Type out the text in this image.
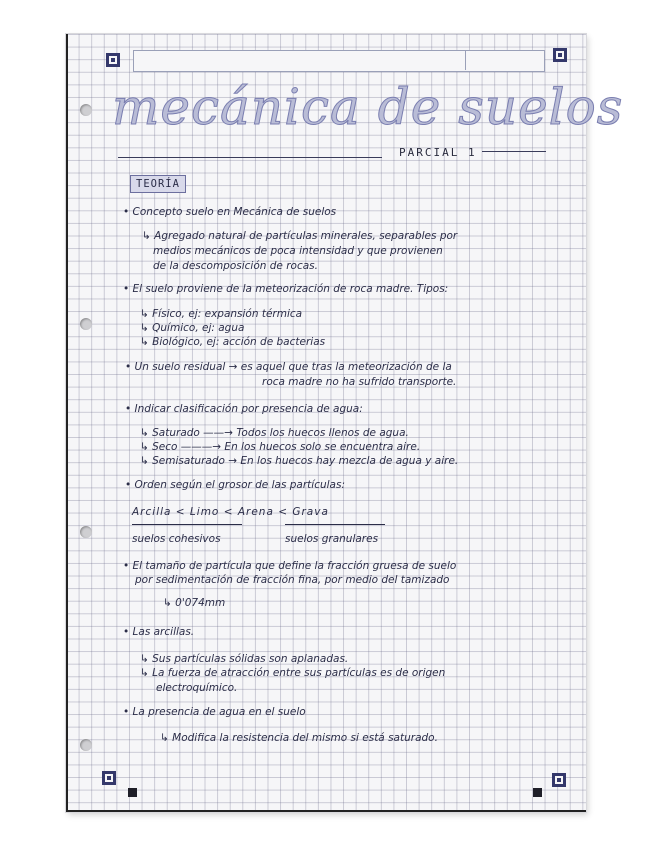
mecánica de suelos
PARCIAL 1
TEORÍA
• Concepto suelo en Mecánica de suelos
↳ Agregado natural de partículas minerales, separables por
medios mecánicos de poca intensidad y que provienen
de la descomposición de rocas.
• El suelo proviene de la meteorización de roca madre. Tipos:
↳ Físico, ej: expansión térmica
↳ Químico, ej: agua
↳ Biológico, ej: acción de bacterias
• Un suelo residual → es aquel que tras la meteorización de la
roca madre no ha sufrido transporte.
• Indicar clasificación por presencia de agua:
↳ Saturado ——→ Todos los huecos llenos de agua.
↳ Seco ———→ En los huecos solo se encuentra aire.
↳ Semisaturado → En los huecos hay mezcla de agua y aire.
• Orden según el grosor de las partículas:
Arcilla < Limo < Arena < Grava
suelos cohesivos	suelos granulares
• El tamaño de partícula que define la fracción gruesa de suelo
por sedimentación de fracción fina, por medio del tamizado
↳ 0'074mm
• Las arcillas.
↳ Sus partículas sólidas son aplanadas.
↳ La fuerza de atracción entre sus partículas es de origen
electroquímico.
• La presencia de agua en el suelo
↳ Modifica la resistencia del mismo si está saturado.
